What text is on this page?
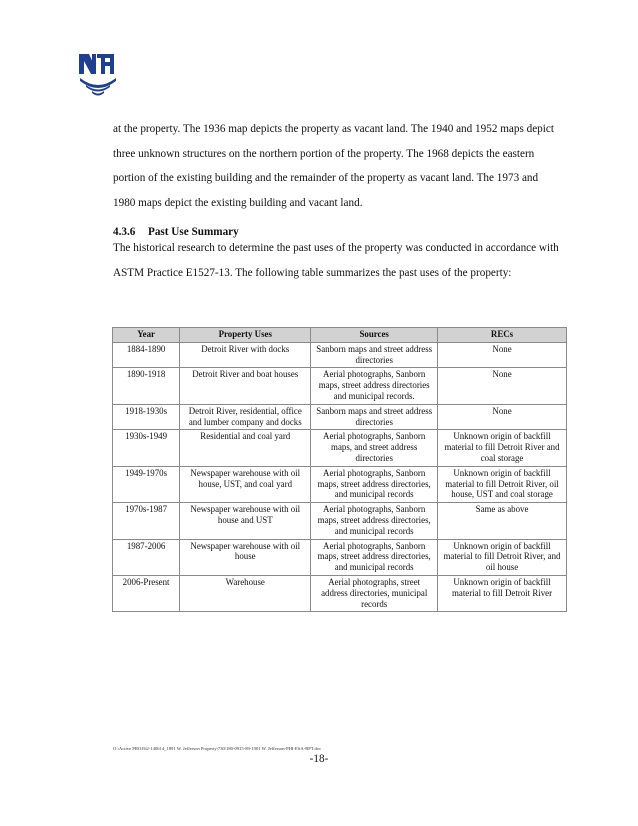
at the property. The 1936 map depicts the property as vacant land. The 1940 and 1952 maps depict three unknown structures on the northern portion of the property. The 1968 depicts the eastern portion of the existing building and the remainder of the property as vacant land. The 1973 and 1980 maps depict the existing building and vacant land.

4.3.6 Past Use Summary

The historical research to determine the past uses of the property was conducted in accordance with ASTM Practice E1527-13. The following table summarizes the past uses of the property:

Year	Property Uses	Sources	RECs
1884-1890	Detroit River with docks	Sanborn maps and street address directories	None
1890-1918	Detroit River and boat houses	Aerial photographs, Sanborn maps, street address directories and municipal records.	None
1918-1930s	Detroit River, residential, office and lumber company and docks	Sanborn maps and street address directories	None
1930s-1949	Residential and coal yard	Aerial photographs, Sanborn maps, and street address directories	Unknown origin of backfill material to fill Detroit River and coal storage
1949-1970s	Newspaper warehouse with oil house, UST, and coal yard	Aerial photographs, Sanborn maps, street address directories, and municipal records	Unknown origin of backfill material to fill Detroit River, oil house, UST and coal storage
1970s-1987	Newspaper warehouse with oil house and UST	Aerial photographs, Sanborn maps, street address directories, and municipal records	Same as above
1987-2006	Newspaper warehouse with oil house	Aerial photographs, Sanborn maps, street address directories, and municipal records	Unknown origin of backfill material to fill Detroit River, and oil house
2006-Present	Warehouse	Aerial photographs, street address directories, municipal records	Unknown origin of backfill material to fill Detroit River
O:\Active PROJ\62-140614_1891 W. Jefferson Property\730\180-0915-89-1901 W. Jefferson-PHI-ESA-RPT.doc
-18-
